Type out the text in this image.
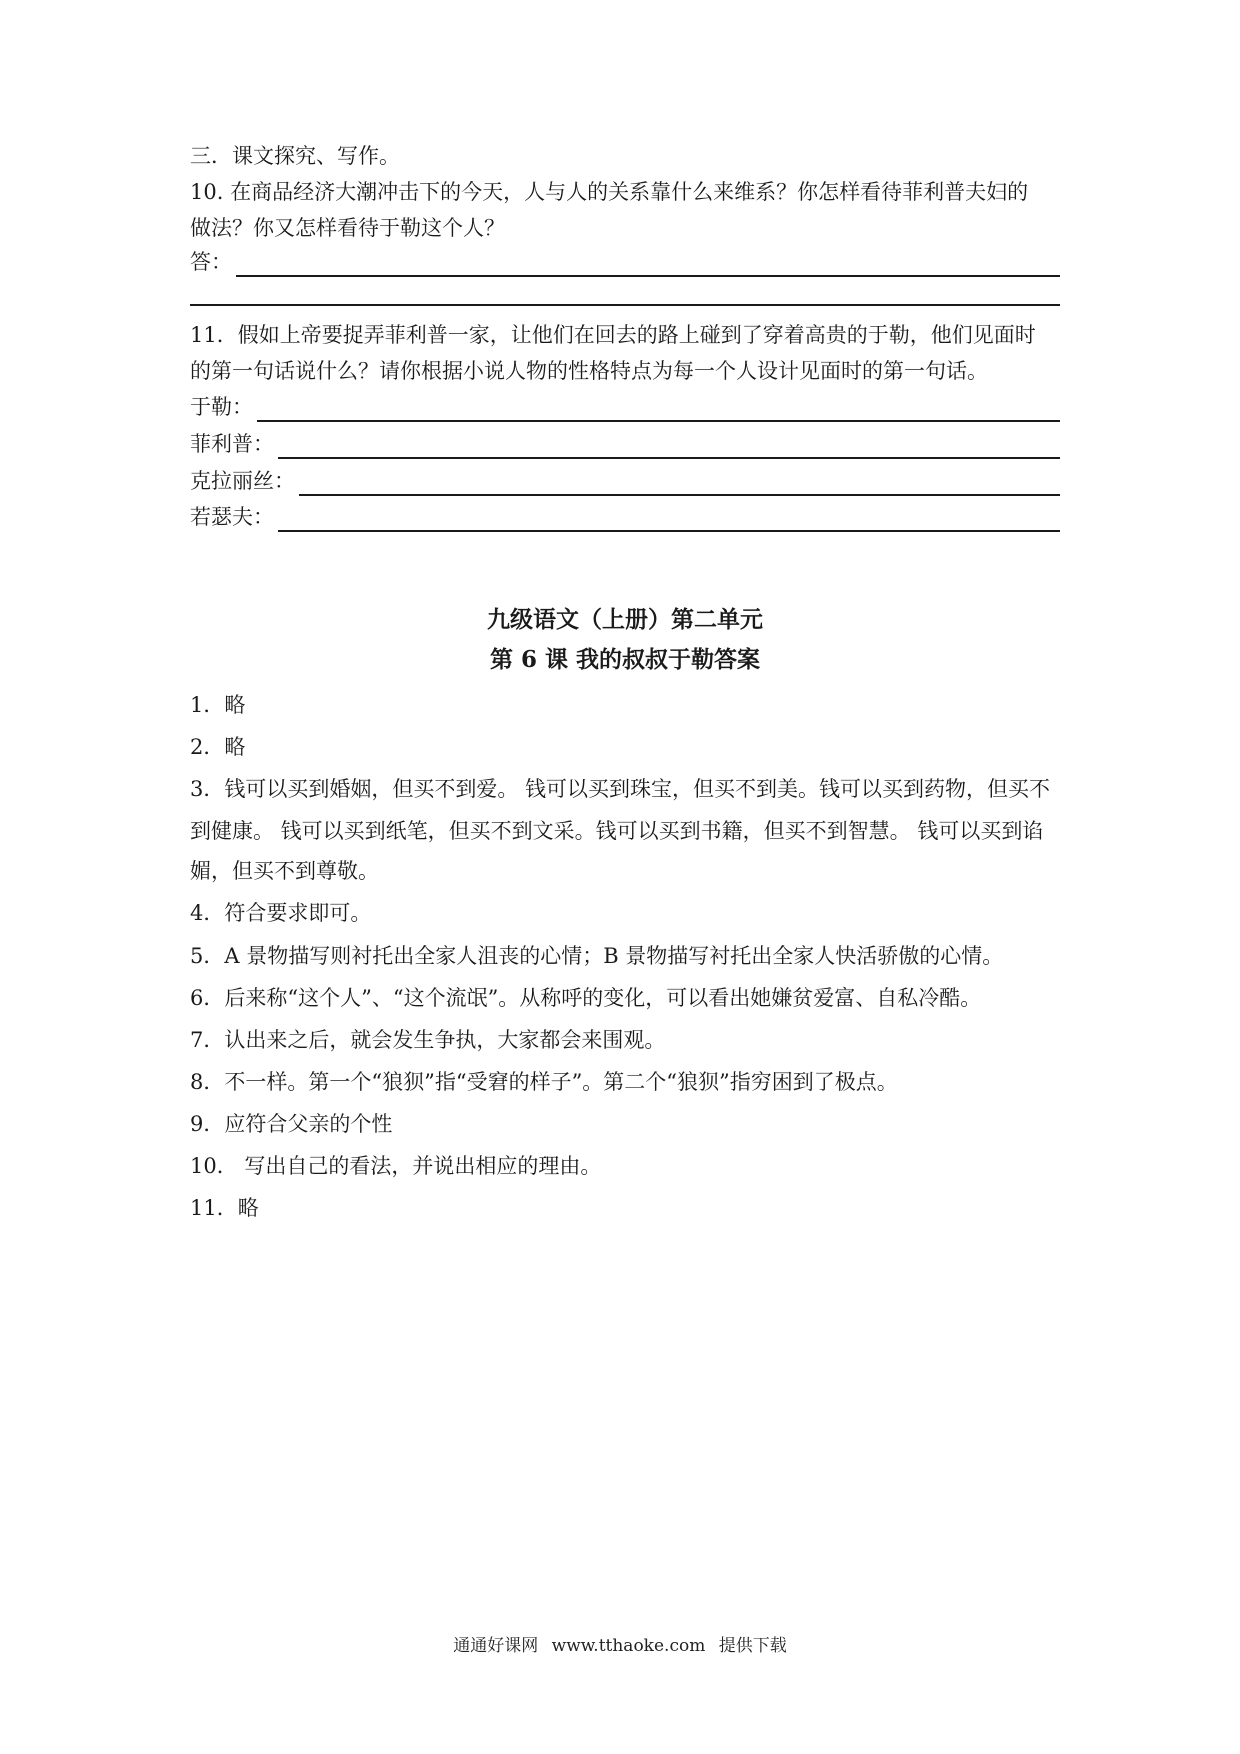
三．课文探究、写作。
10. 在商品经济大潮冲击下的今天，人与人的关系靠什么来维系？你怎样看待菲利普夫妇的
做法？你又怎样看待于勒这个人？
答：
11．假如上帝要捉弄菲利普一家，让他们在回去的路上碰到了穿着高贵的于勒，他们见面时
的第一句话说什么？请你根据小说人物的性格特点为每一个人设计见面时的第一句话。
于勒：
菲利普：
克拉丽丝：
若瑟夫：
九级语文（上册）第二单元
第 6 课 我的叔叔于勒答案
1．略
2．略
3．钱可以买到婚姻，但买不到爱。 钱可以买到珠宝，但买不到美。钱可以买到药物，但买不
到健康。 钱可以买到纸笔，但买不到文采。钱可以买到书籍，但买不到智慧。 钱可以买到谄
媚，但买不到尊敬。
4．符合要求即可。
5．A 景物描写则衬托出全家人沮丧的心情；B 景物描写衬托出全家人快活骄傲的心情。
6．后来称“这个人”、“这个流氓”。从称呼的变化，可以看出她嫌贫爱富、自私冷酷。
7．认出来之后，就会发生争执，大家都会来围观。
8．不一样。第一个“狼狈”指“受窘的样子”。第二个“狼狈”指穷困到了极点。
9．应符合父亲的个性
10． 写出自己的看法，并说出相应的理由。
11．略
通通好课网 www.tthaoke.com 提供下载
